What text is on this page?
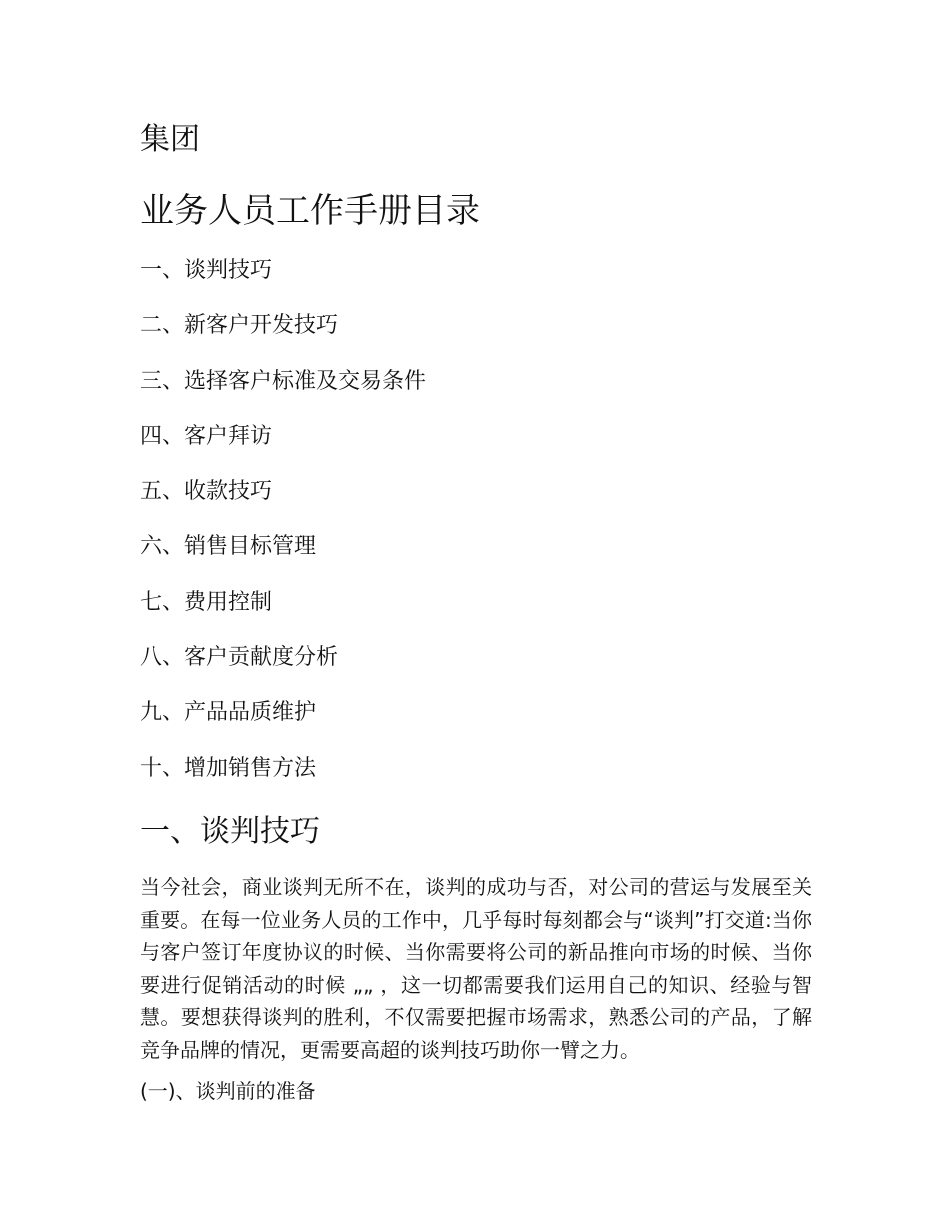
集团
业务人员工作手册目录
一、谈判技巧
二、新客户开发技巧
三、选择客户标准及交易条件
四、客户拜访
五、收款技巧
六、销售目标管理
七、费用控制
八、客户贡献度分析
九、产品品质维护
十、增加销售方法
一、谈判技巧

当今社会，商业谈判无所不在，谈判的成功与否，对公司的营运与发展至关重要。在每一位业务人员的工作中，几乎每时每刻都会与“谈判”打交道:当你与客户签订年度协议的时候、当你需要将公司的新品推向市场的时候、当你要进行促销活动的时候 „„ ，这一切都需要我们运用自己的知识、经验与智慧。要想获得谈判的胜利，不仅需要把握市场需求，熟悉公司的产品，了解竞争品牌的情况，更需要高超的谈判技巧助你一臂之力。

(一)、谈判前的准备
